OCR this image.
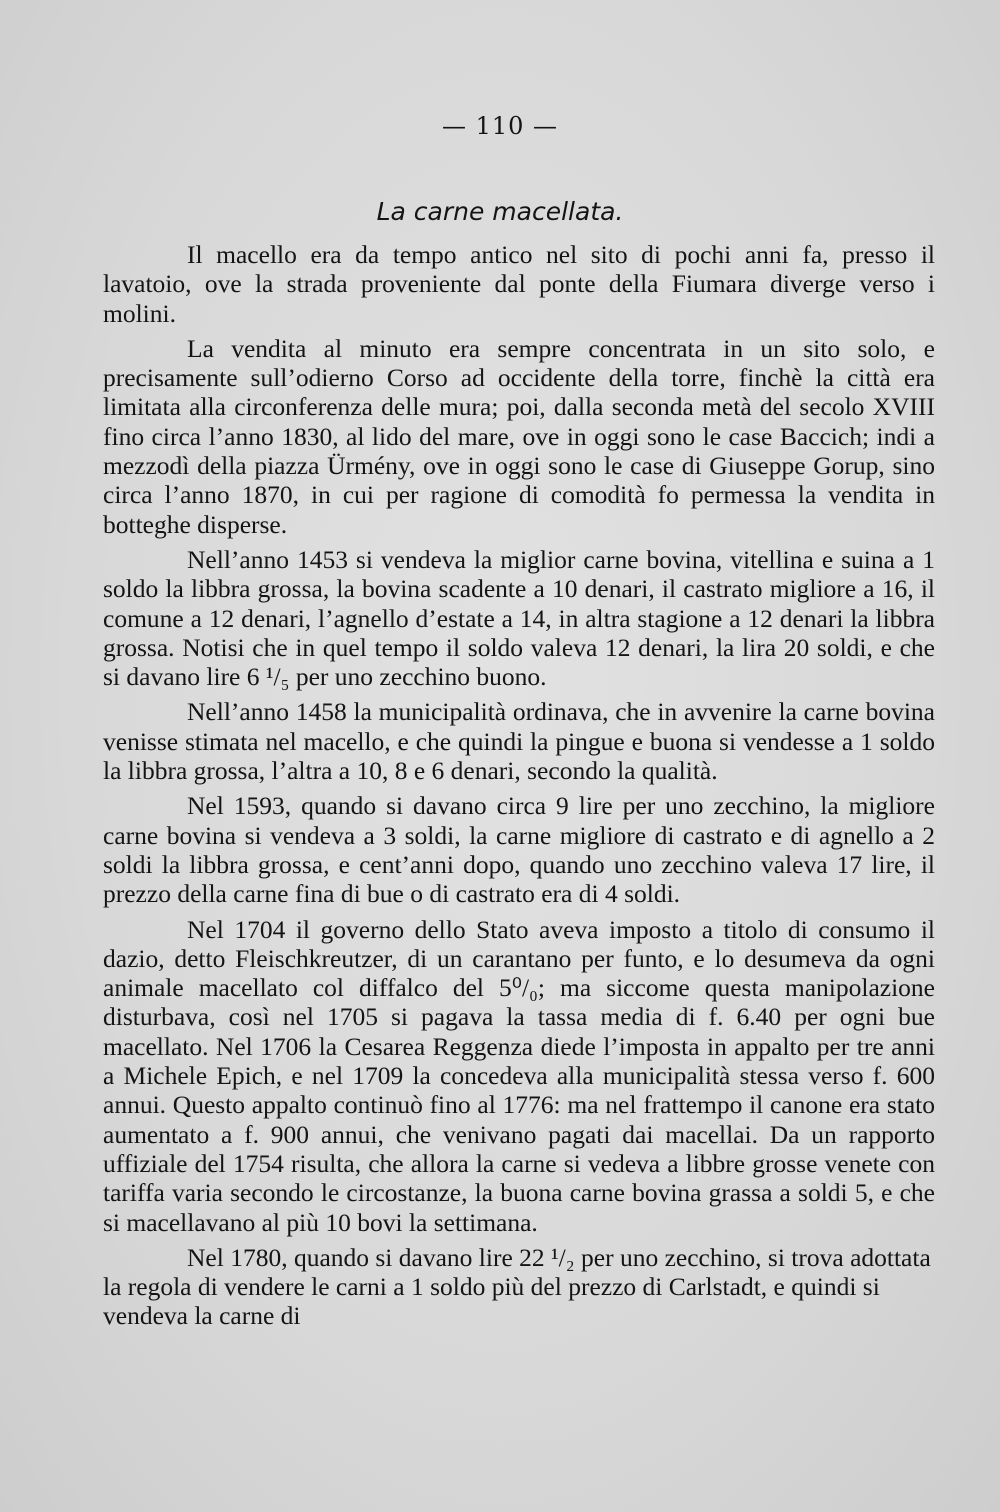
— 110 —
La carne macellata.

Il macello era da tempo antico nel sito di pochi anni fa, presso il lavatoio, ove la strada proveniente dal ponte della Fiumara diverge verso i molini.

La vendita al minuto era sempre concentrata in un sito solo, e precisamente sull’odierno Corso ad occidente della torre, finchè la città era limitata alla circonferenza delle mura; poi, dalla seconda metà del secolo XVIII fino circa l’anno 1830, al lido del mare, ove in oggi sono le case Baccich; indi a mezzodì della piazza Ürmény, ove in oggi sono le case di Giuseppe Gorup, sino circa l’anno 1870, in cui per ragione di comodità fo permessa la vendita in botteghe disperse.

Nell’anno 1453 si vendeva la miglior carne bovina, vitellina e suina a 1 soldo la libbra grossa, la bovina scadente a 10 denari, il castrato migliore a 16, il comune a 12 denari, l’agnello d’estate a 14, in altra stagione a 12 denari la libbra grossa. Notisi che in quel tempo il soldo valeva 12 denari, la lira 20 soldi, e che si davano lire 6 ¹/₅ per uno zecchino buono.

Nell’anno 1458 la municipalità ordinava, che in avvenire la carne bovina venisse stimata nel macello, e che quindi la pingue e buona si vendesse a 1 soldo la libbra grossa, l’altra a 10, 8 e 6 denari, secondo la qualità.

Nel 1593, quando si davano circa 9 lire per uno zecchino, la migliore carne bovina si vendeva a 3 soldi, la carne migliore di castrato e di agnello a 2 soldi la libbra grossa, e cent’anni dopo, quando uno zecchino valeva 17 lire, il prezzo della carne fina di bue o di castrato era di 4 soldi.

Nel 1704 il governo dello Stato aveva imposto a titolo di consumo il dazio, detto Fleischkreutzer, di un carantano per funto, e lo desumeva da ogni animale macellato col diffalco del 5⁰/₀; ma siccome questa manipolazione disturbava, così nel 1705 si pagava la tassa media di f. 6.40 per ogni bue macellato. Nel 1706 la Cesarea Reggenza diede l’imposta in appalto per tre anni a Michele Epich, e nel 1709 la concedeva alla municipalità stessa verso f. 600 annui. Questo appalto continuò fino al 1776: ma nel frattempo il canone era stato aumentato a f. 900 annui, che venivano pagati dai macellai. Da un rapporto uffiziale del 1754 risulta, che allora la carne si vedeva a libbre grosse venete con tariffa varia secondo le circostanze, la buona carne bovina grassa a soldi 5, e che si macellavano al più 10 bovi la settimana.

Nel 1780, quando si davano lire 22 ¹/₂ per uno zecchino, si trova adottata la regola di vendere le carni a 1 soldo più del prezzo di Carlstadt, e quindi si vendeva la carne di
